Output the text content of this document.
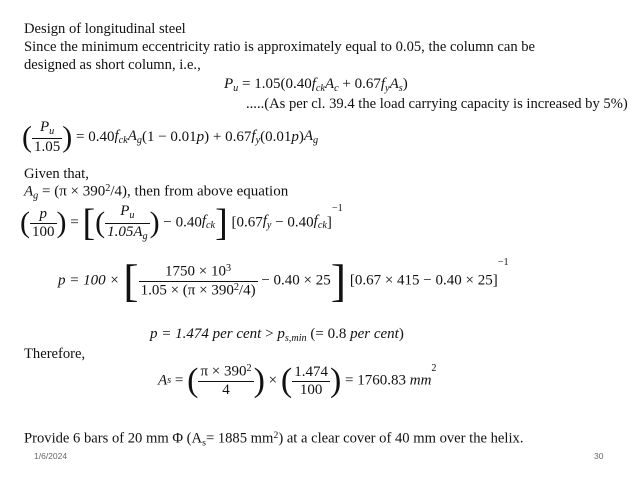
Design of longitudinal steel
Since the minimum eccentricity ratio is approximately equal to 0.05, the column can be
designed as short column, i.e.,
$P_u = 1.05(0.40f_{ck}A_c + 0.67f_yA_s)$
.....(As per cl. 39.4 the load carrying capacity is increased by 5%)
( $\frac{P_u}{1.05}$ ) = $0.40f_{ck}A_g(1 - 0.01p) + 0.67f_y(0.01p)A_g$
Given that,
$A_g = (\pi \times 390^2/4)$, then from above equation
( $\frac{p}{100}$ ) = [( $\frac{P_u}{1.05A_g}$ ) − $0.40f_{ck}$] $[0.67f_y - 0.40f_{ck}]^{-1}$
p = 100 × [ $\frac{1750 \times 10^3}{1.05 \times (\pi \times 390^2/4)} - 0.40 \times 25$] $[0.67 \times 415 - 0.40 \times 25]^{-1}$
p = 1.474 per cent > $p_{s,min}$ (= 0.8 per cent)
Therefore,
As = ( $\frac{\pi \times 390^2}{4}$ ) × ( $\frac{1.474}{100}$ ) = 1760.83 $mm^2$
Provide 6 bars of 20 mm Φ ($A_s= 1885$ $mm^2$) at a clear cover of 40 mm over the helix.
1/6/2024	30
